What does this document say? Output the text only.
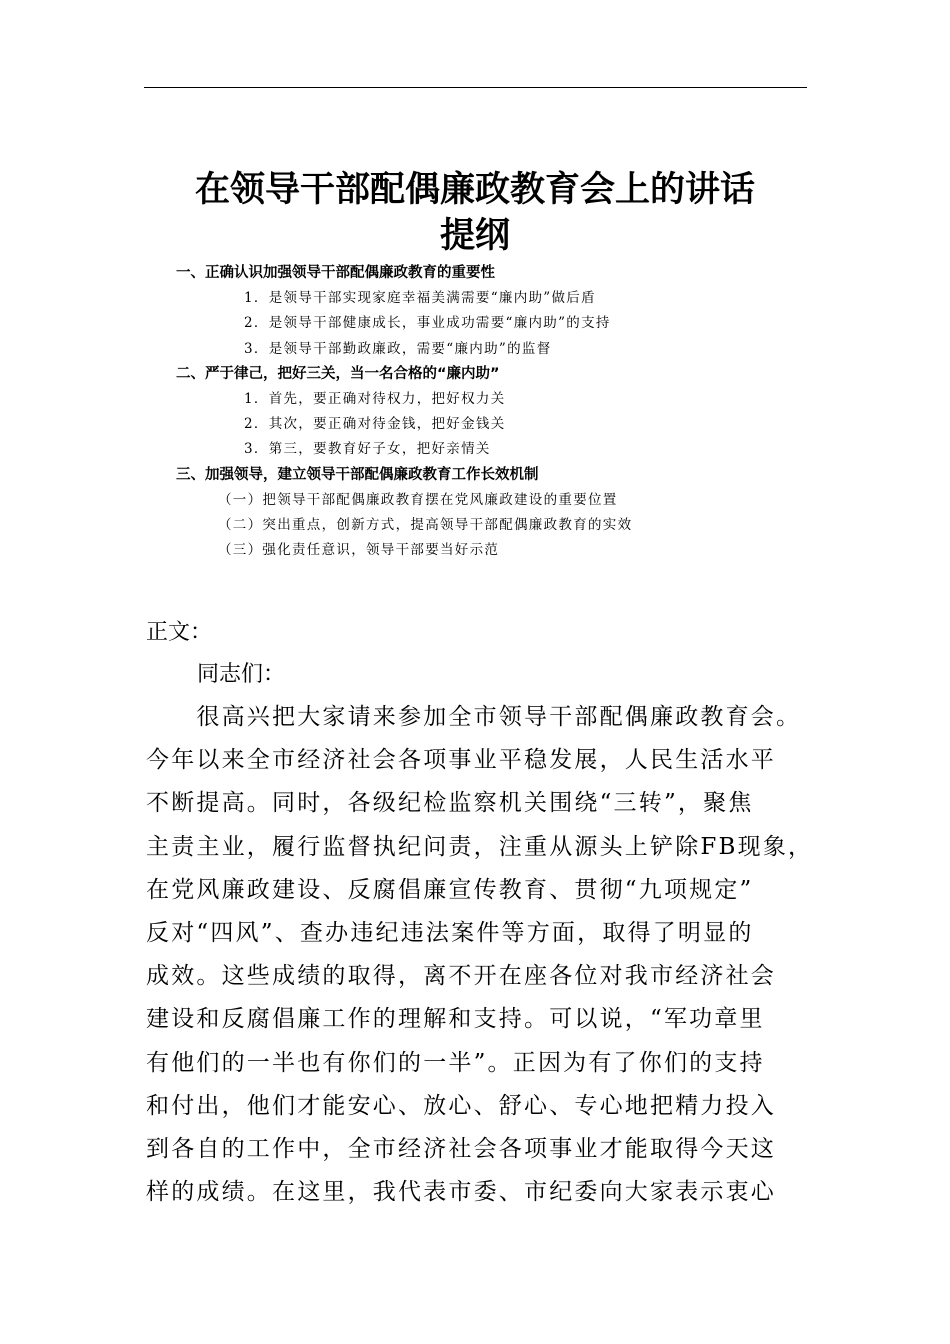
在领导干部配偶廉政教育会上的讲话
提纲
一、正确认识加强领导干部配偶廉政教育的重要性
1．是领导干部实现家庭幸福美满需要“廉内助”做后盾
2．是领导干部健康成长，事业成功需要“廉内助”的支持
3．是领导干部勤政廉政，需要“廉内助”的监督
二、严于律己，把好三关，当一名合格的“廉内助”
1．首先，要正确对待权力，把好权力关
2．其次，要正确对待金钱，把好金钱关
3．第三，要教育好子女，把好亲情关
三、加强领导，建立领导干部配偶廉政教育工作长效机制
（一）把领导干部配偶廉政教育摆在党风廉政建设的重要位置
（二）突出重点，创新方式，提高领导干部配偶廉政教育的实效
（三）强化责任意识，领导干部要当好示范
正文：
同志们：
　　很高兴把大家请来参加全市领导干部配偶廉政教育会。
今年以来全市经济社会各项事业平稳发展，人民生活水平
不断提高。同时，各级纪检监察机关围绕“三转”，聚焦
主责主业，履行监督执纪问责，注重从源头上铲除FB现象，
在党风廉政建设、反腐倡廉宣传教育、贯彻“九项规定”
反对“四风”、查办违纪违法案件等方面，取得了明显的
成效。这些成绩的取得，离不开在座各位对我市经济社会
建设和反腐倡廉工作的理解和支持。可以说，“军功章里
有他们的一半也有你们的一半”。正因为有了你们的支持
和付出，他们才能安心、放心、舒心、专心地把精力投入
到各自的工作中，全市经济社会各项事业才能取得今天这
样的成绩。在这里，我代表市委、市纪委向大家表示衷心
